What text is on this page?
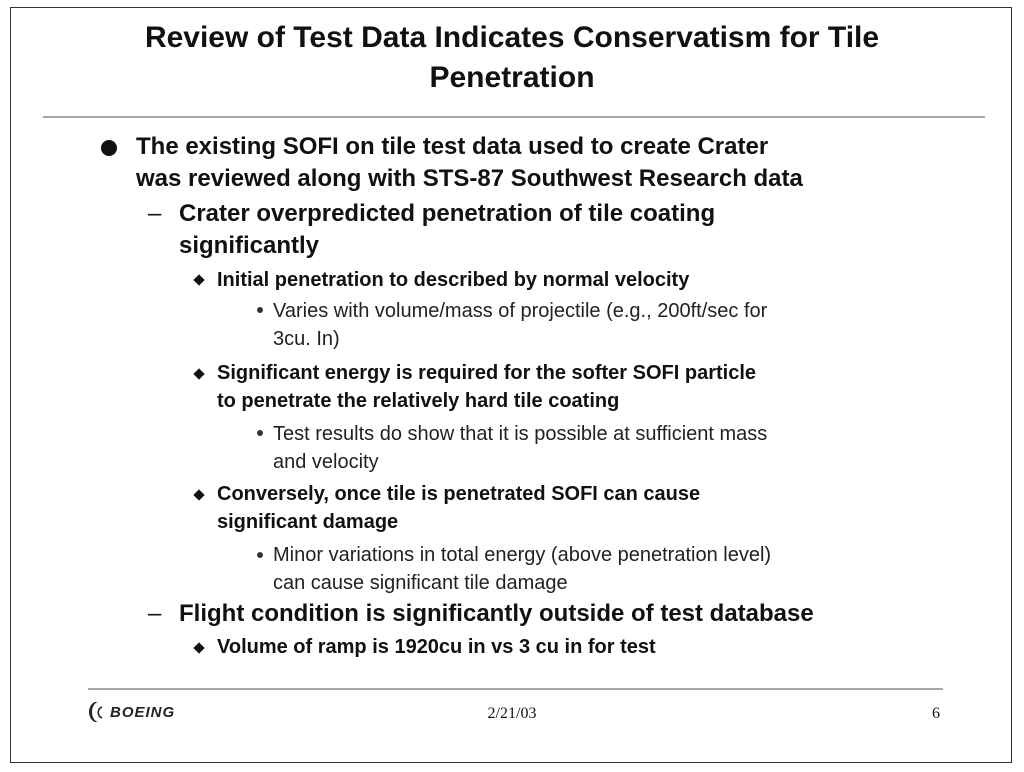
Review of Test Data Indicates Conservatism for Tile
Penetration

The existing SOFI on tile test data used to create Crater

was reviewed along with STS-87 Southwest Research data

– Crater overpredicted penetration of tile coating

significantly

Initial penetration to described by normal velocity

Varies with volume/mass of projectile (e.g., 200ft/sec for

3cu. In)

Significant energy is required for the softer SOFI particle

to penetrate the relatively hard tile coating

Test results do show that it is possible at sufficient mass

and velocity

Conversely, once tile is penetrated SOFI can cause

significant damage

Minor variations in total energy (above penetration level)

can cause significant tile damage

– Flight condition is significantly outside of test database

Volume of ramp is 1920cu in vs 3 cu in for test

BOEING	2/21/03	6
